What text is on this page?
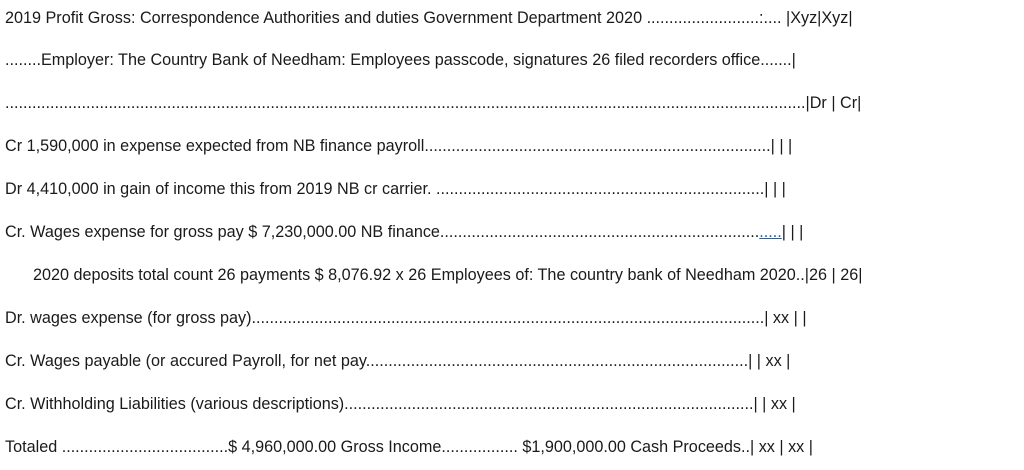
2019 Profit Gross: Correspondence Authorities and duties Government Department 2020 .........................:.... |Xyz|Xyz|
........Employer: The Country Bank of Needham: Employees passcode, signatures 26 filed recorders office.......|
..................................................................................................................................................................................|Dr | Cr|
Cr 1,590,000 in expense expected from NB finance payroll.............................................................................| | |
Dr 4,410,000 in gain of income this from 2019 NB cr carrier. .........................................................................| | |
Cr. Wages expense for gross pay $ 7,230,000.00 NB finance............................................................................| | |
2020 deposits total count 26 payments $ 8,076.92 x 26 Employees of: The country bank of Needham 2020..|26 | 26|
Dr. wages expense (for gross pay)..................................................................................................................| xx | |
Cr. Wages payable (or accured Payroll, for net pay.....................................................................................| | xx |
Cr. Withholding Liabilities (various descriptions)...........................................................................................| | xx |
Totaled .....................................$ 4,960,000.00 Gross Income................. $1,900,000.00 Cash Proceeds..| xx | xx |
